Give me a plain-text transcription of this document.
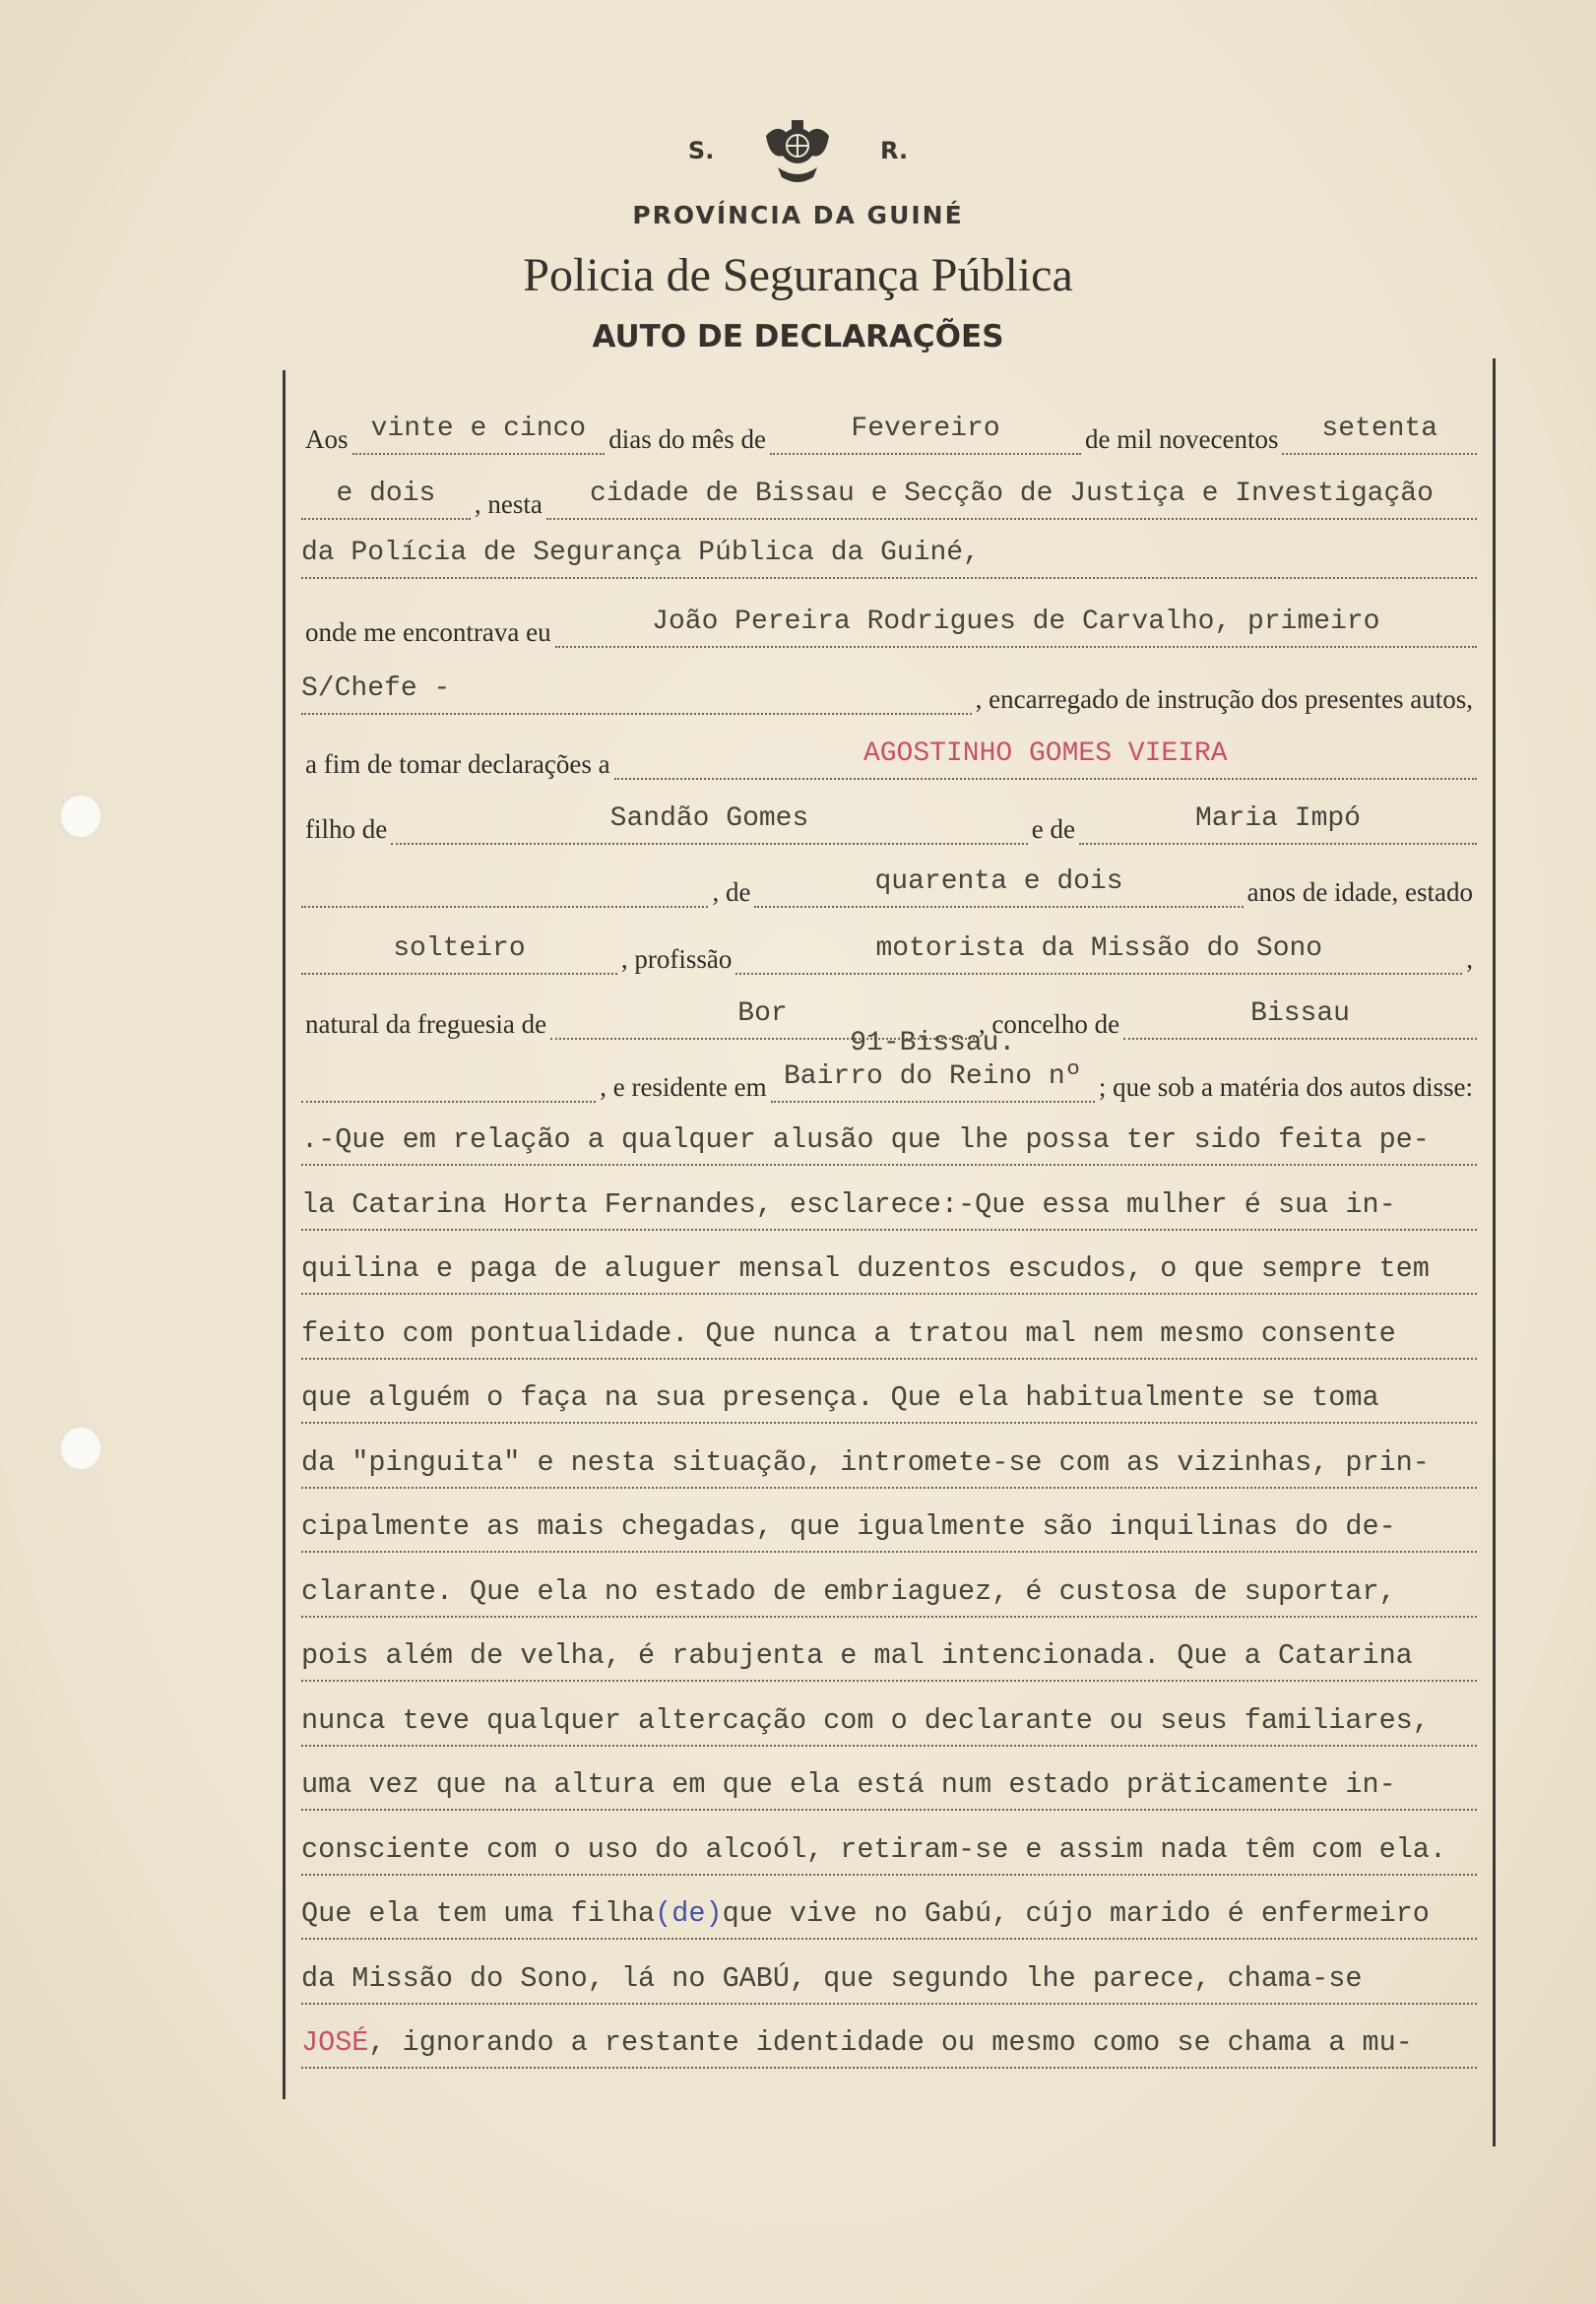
S.	R.
PROVÍNCIA DA GUINÉ
Policia de Segurança Pública
AUTO DE DECLARAÇÕES
Aos vinte e cinco dias do mês de	Fevereiro	de mil novecentos	setenta
e dois	, nesta	cidade de Bissau e Secção de Justiça e Investigação
da Polícia de Segurança Pública da Guiné,
onde me encontrava eu	João Pereira Rodrigues de Carvalho, primeiro
S/Chefe -	, encarregado de instrução dos presentes autos,
a fim de tomar declarações a	AGOSTINHO GOMES VIEIRA
filho de	Sandão Gomes	e de	Maria Impó
, de	quarenta e dois	anos de idade, estado
solteiro	, profissão	motorista da Missão do Sono	,
natural da freguesia de	Bor	, concelho de	Bissau
, e residente em Bairro do Reino nº
91-Bissau.
; que sob a matéria dos autos disse:
.-Que em relação a qualquer alusão que lhe possa ter sido feita pe-
la Catarina Horta Fernandes, esclarece:-Que essa mulher é sua in-
quilina e paga de aluguer mensal duzentos escudos, o que sempre tem
feito com pontualidade. Que nunca a tratou mal nem mesmo consente
que alguém o faça na sua presença. Que ela habitualmente se toma
da "pinguita" e nesta situação, intromete-se com as vizinhas, prin-
cipalmente as mais chegadas, que igualmente são inquilinas do de-
clarante. Que ela no estado de embriaguez, é custosa de suportar,
pois além de velha, é rabujenta e mal intencionada. Que a Catarina
nunca teve qualquer altercação com o declarante ou seus familiares,
uma vez que na altura em que ela está num estado präticamente in-
consciente com o uso do alcoól, retiram-se e assim nada têm com ela.
Que ela tem uma filha(de)que vive no Gabú, cújo marido é enfermeiro
da Missão do Sono, lá no GABÚ, que segundo lhe parece, chama-se
JOSÉ, ignorando a restante identidade ou mesmo como se chama a mu-
